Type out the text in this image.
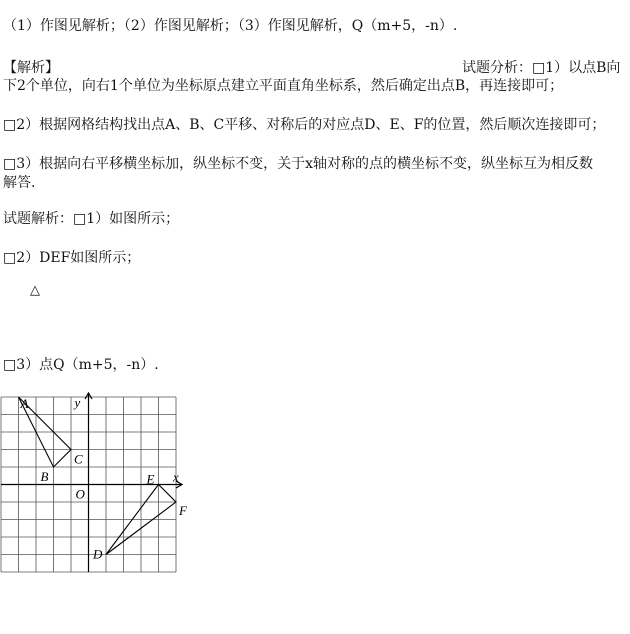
（1）作图见解析；（2）作图见解析；（3）作图见解析，Q（m+5，-n）.
【解析】	试题分析：□1）以点B向
下2个单位，向右1个单位为坐标原点建立平面直角坐标系，然后确定出点B，再连接即可；
□2）根据网格结构找出点A、B、C平移、对称后的对应点D、E、F的位置，然后顺次连接即可；
□3）根据向右平移横坐标加，纵坐标不变，关于x轴对称的点的横坐标不变，纵坐标互为相反数
解答.
试题解析：□1）如图所示；
□2）DEF如图所示；
△
□3）点Q（m+5，-n）.
A
B
C
D
E
F
O
x
y
